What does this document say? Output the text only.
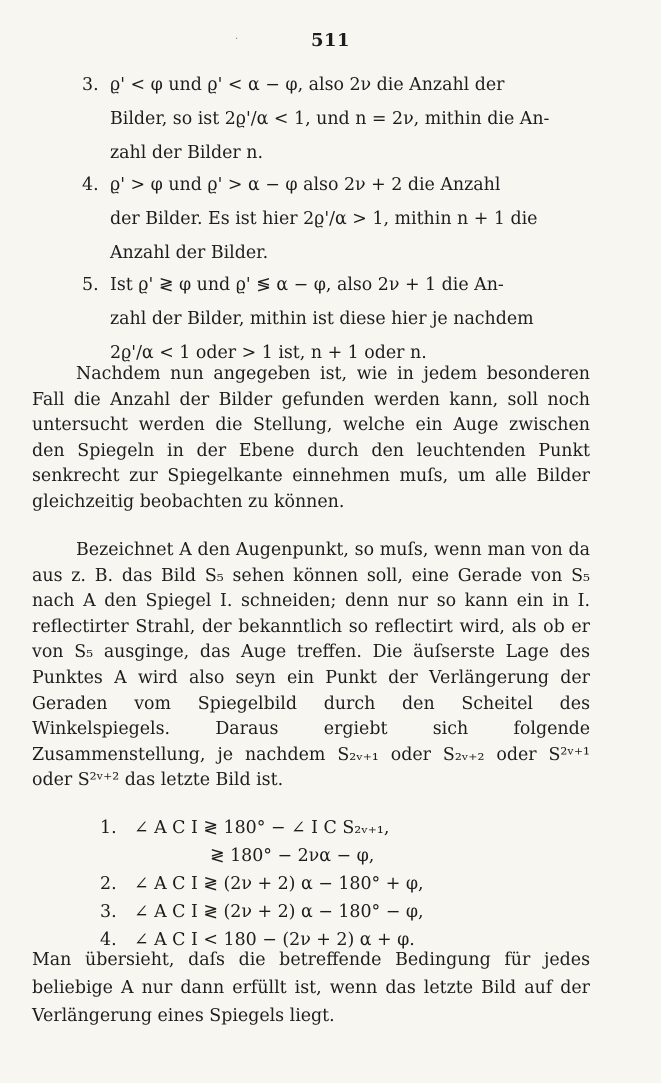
511
·
3. ϱ' < φ und ϱ' < α − φ, also 2ν die Anzahl der
Bilder, so ist 2ϱ'/α < 1, und n = 2ν, mithin die An-
zahl der Bilder n.
4. ϱ' > φ und ϱ' > α − φ also 2ν + 2 die Anzahl
der Bilder. Es ist hier 2ϱ'/α > 1, mithin n + 1 die
Anzahl der Bilder.
5. Ist ϱ' ≷ φ und ϱ' ≶ α − φ, also 2ν + 1 die An-
zahl der Bilder, mithin ist diese hier je nachdem
2ϱ'/α < 1 oder > 1 ist, n + 1 oder n.

Nachdem nun angegeben ist, wie in jedem besonderen Fall die Anzahl der Bilder gefunden werden kann, soll noch untersucht werden die Stellung, welche ein Auge zwischen den Spiegeln in der Ebene durch den leuchtenden Punkt senkrecht zur Spiegelkante einnehmen muſs, um alle Bilder gleichzeitig beobachten zu können.

Bezeichnet A den Augenpunkt, so muſs, wenn man von da aus z. B. das Bild S₅ sehen können soll, eine Gerade von S₅ nach A den Spiegel I. schneiden; denn nur so kann ein in I. reflectirter Strahl, der bekanntlich so reflectirt wird, als ob er von S₅ ausginge, das Auge treffen. Die äuſserste Lage des Punktes A wird also seyn ein Punkt der Verlängerung der Geraden vom Spiegelbild durch den Scheitel des Winkelspiegels. Daraus ergiebt sich folgende Zusammenstellung, je nachdem S₂ᵥ₊₁ oder S₂ᵥ₊₂ oder S²ᵛ⁺¹ oder S²ᵛ⁺² das letzte Bild ist.

1.	∠ A C I ≷ 180° − ∠ I C S₂ᵥ₊₁,
≷ 180° − 2να − φ,
2.	∠ A C I ≷ (2ν + 2) α − 180° + φ,
3.	∠ A C I ≷ (2ν + 2) α − 180° − φ,
4.	∠ A C I < 180 − (2ν + 2) α + φ.

Man übersieht, daſs die betreffende Bedingung für jedes beliebige A nur dann erfüllt ist, wenn das letzte Bild auf der Verlängerung eines Spiegels liegt.
